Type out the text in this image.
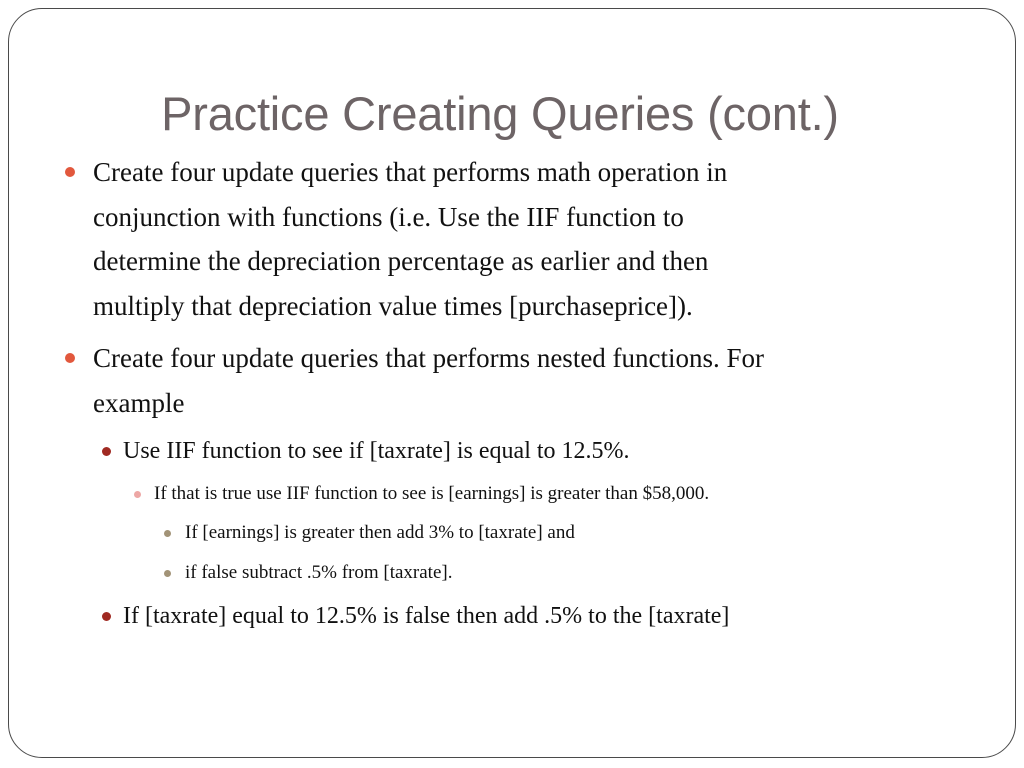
Practice Creating Queries (cont.)
Create four update queries that performs math operation in
conjunction with functions (i.e. Use the IIF function to
determine the depreciation percentage as earlier and then
multiply that depreciation value times [purchaseprice]).
Create four update queries that performs nested functions. For
example
Use IIF function to see if [taxrate] is equal to 12.5%.
If that is true use IIF function to see is [earnings] is greater than $58,000.
If [earnings] is greater then add 3% to [taxrate] and
if false subtract .5% from [taxrate].
If [taxrate] equal to 12.5% is false then add .5% to the [taxrate]
